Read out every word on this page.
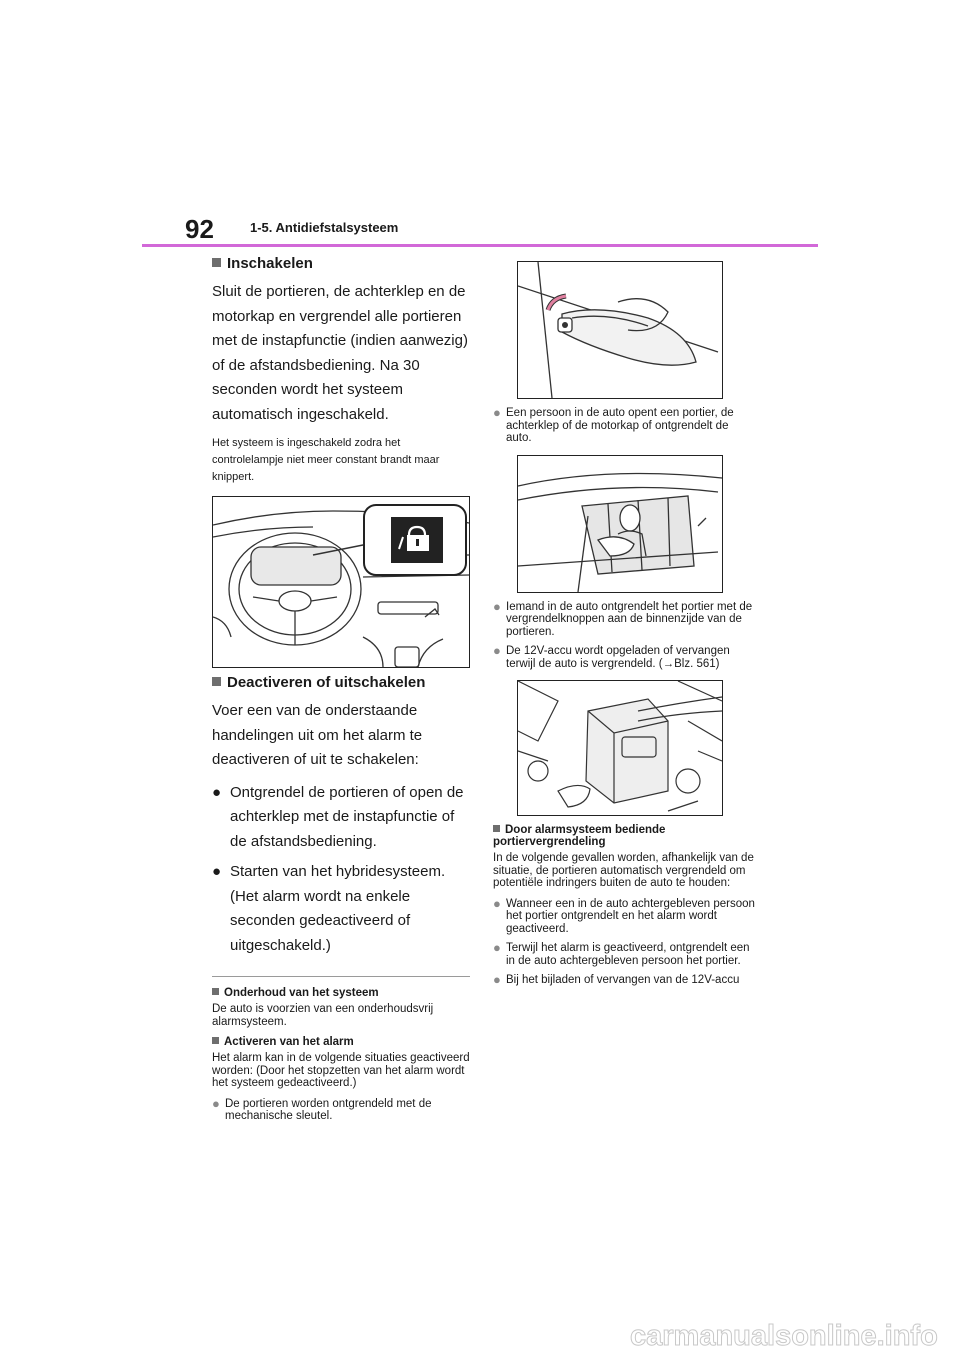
92	1-5. Antidiefstalsysteem
Inschakelen

Sluit de portieren, de achterklep en de motorkap en vergrendel alle portieren met de instapfunctie (indien aanwezig) of de afstandsbediening. Na 30 seconden wordt het systeem automatisch ingeschakeld.

Het systeem is ingeschakeld zodra het controlelampje niet meer constant brandt maar knippert.

Deactiveren of uitschakelen

Voer een van de onderstaande handelingen uit om het alarm te deactiveren of uit te schakelen:

● Ontgrendel de portieren of open de achterklep met de instapfunctie of de afstandsbediening.
● Starten van het hybridesysteem. (Het alarm wordt na enkele seconden gedeactiveerd of uitgeschakeld.)
Onderhoud van het systeem

De auto is voorzien van een onderhoudsvrij alarmsysteem.

Activeren van het alarm

Het alarm kan in de volgende situaties geactiveerd worden: (Door het stopzetten van het alarm wordt het systeem gedeactiveerd.)

● De portieren worden ontgrendeld met de mechanische sleutel.
● Een persoon in de auto opent een portier, de achterklep of de motorkap of ontgrendelt de auto.
● Iemand in de auto ontgrendelt het portier met de vergrendelknoppen aan de binnenzijde van de portieren.
● De 12V-accu wordt opgeladen of vervangen terwijl de auto is vergrendeld. (→Blz. 561)
Door alarmsysteem bediende portiervergrendeling

In de volgende gevallen worden, afhankelijk van de situatie, de portieren automatisch vergrendeld om potentiële indringers buiten de auto te houden:

● Wanneer een in de auto achtergebleven persoon het portier ontgrendelt en het alarm wordt geactiveerd.
● Terwijl het alarm is geactiveerd, ontgrendelt een in de auto achtergebleven persoon het portier.
● Bij het bijladen of vervangen van de 12V-accu
carmanualsonline.info
